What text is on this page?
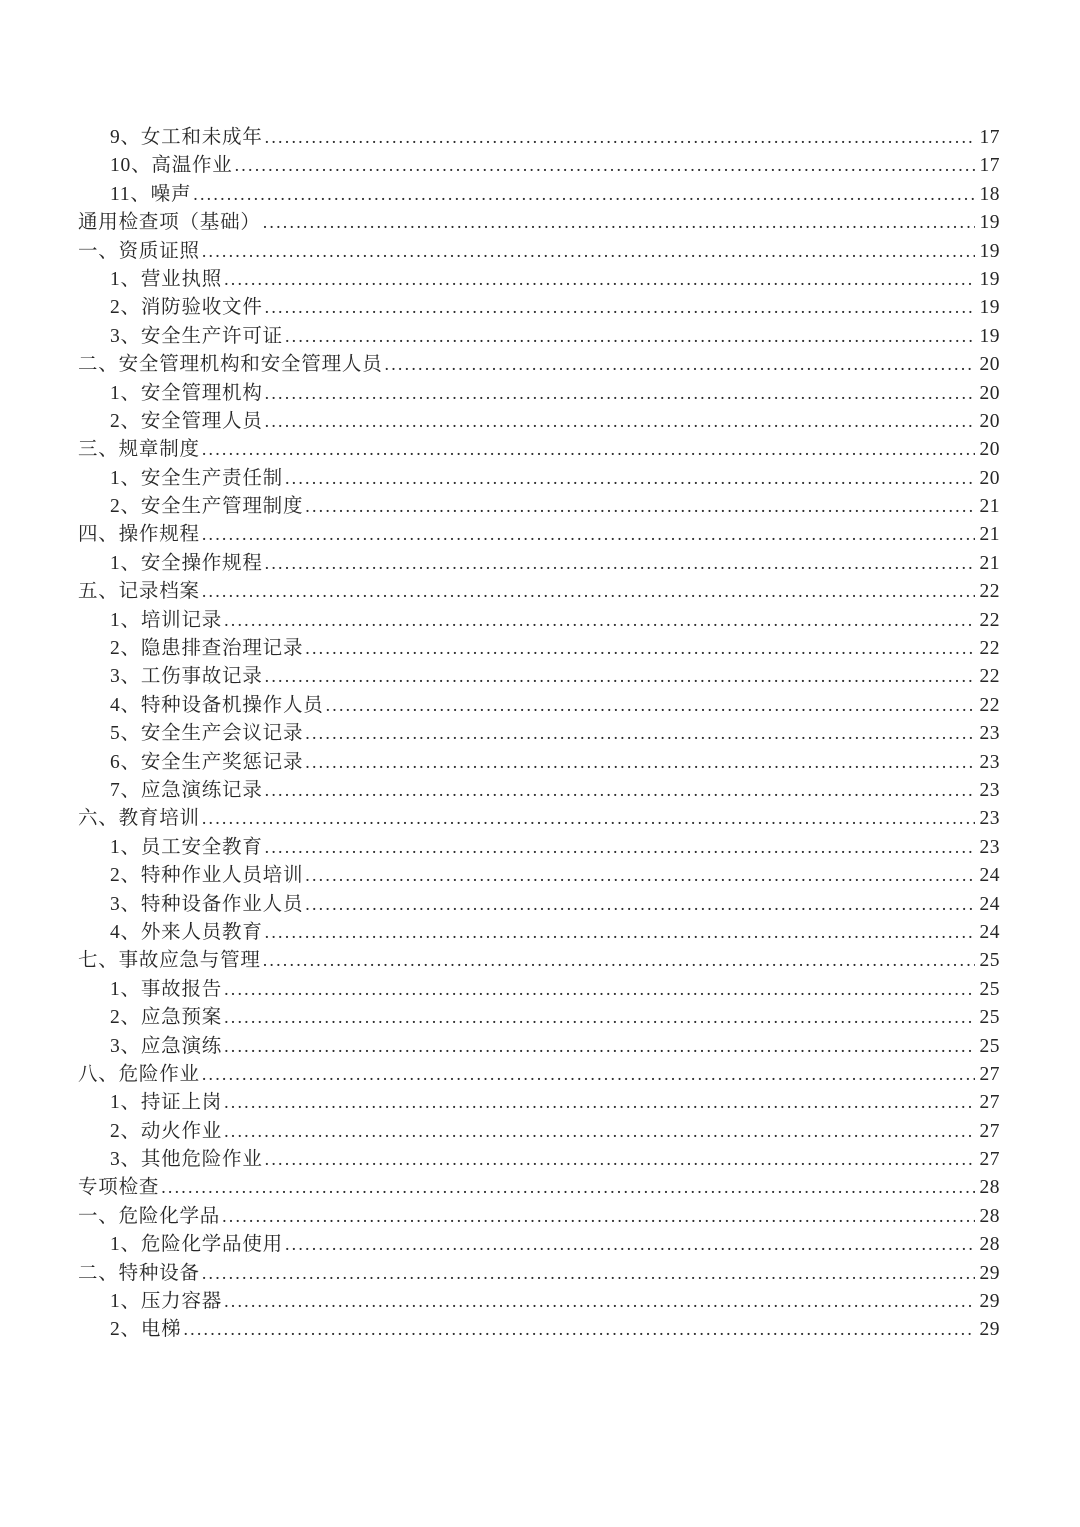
9、女工和未成年 .....	17
10、高温作业 .....	17
11、噪声 .....	18
通用检查项（基础） .....	19
一、资质证照 .....	19
1、营业执照 .....	19
2、消防验收文件 .....	19
3、安全生产许可证 .....	19
二、安全管理机构和安全管理人员 .....	20
1、安全管理机构 .....	20
2、安全管理人员 .....	20
三、规章制度 .....	20
1、安全生产责任制 .....	20
2、安全生产管理制度 .....	21
四、操作规程 .....	21
1、安全操作规程 .....	21
五、记录档案 .....	22
1、培训记录 .....	22
2、隐患排查治理记录 .....	22
3、工伤事故记录 .....	22
4、特种设备机操作人员 .....	22
5、安全生产会议记录 .....	23
6、安全生产奖惩记录 .....	23
7、应急演练记录 .....	23
六、教育培训 .....	23
1、员工安全教育 .....	23
2、特种作业人员培训 .....	24
3、特种设备作业人员 .....	24
4、外来人员教育 .....	24
七、事故应急与管理 .....	25
1、事故报告 .....	25
2、应急预案 .....	25
3、应急演练 .....	25
八、危险作业 .....	27
1、持证上岗 .....	27
2、动火作业 .....	27
3、其他危险作业 .....	27
专项检查 .....	28
一、危险化学品 .....	28
1、危险化学品使用 .....	28
二、特种设备 .....	29
1、压力容器 .....	29
2、电梯 .....	29
